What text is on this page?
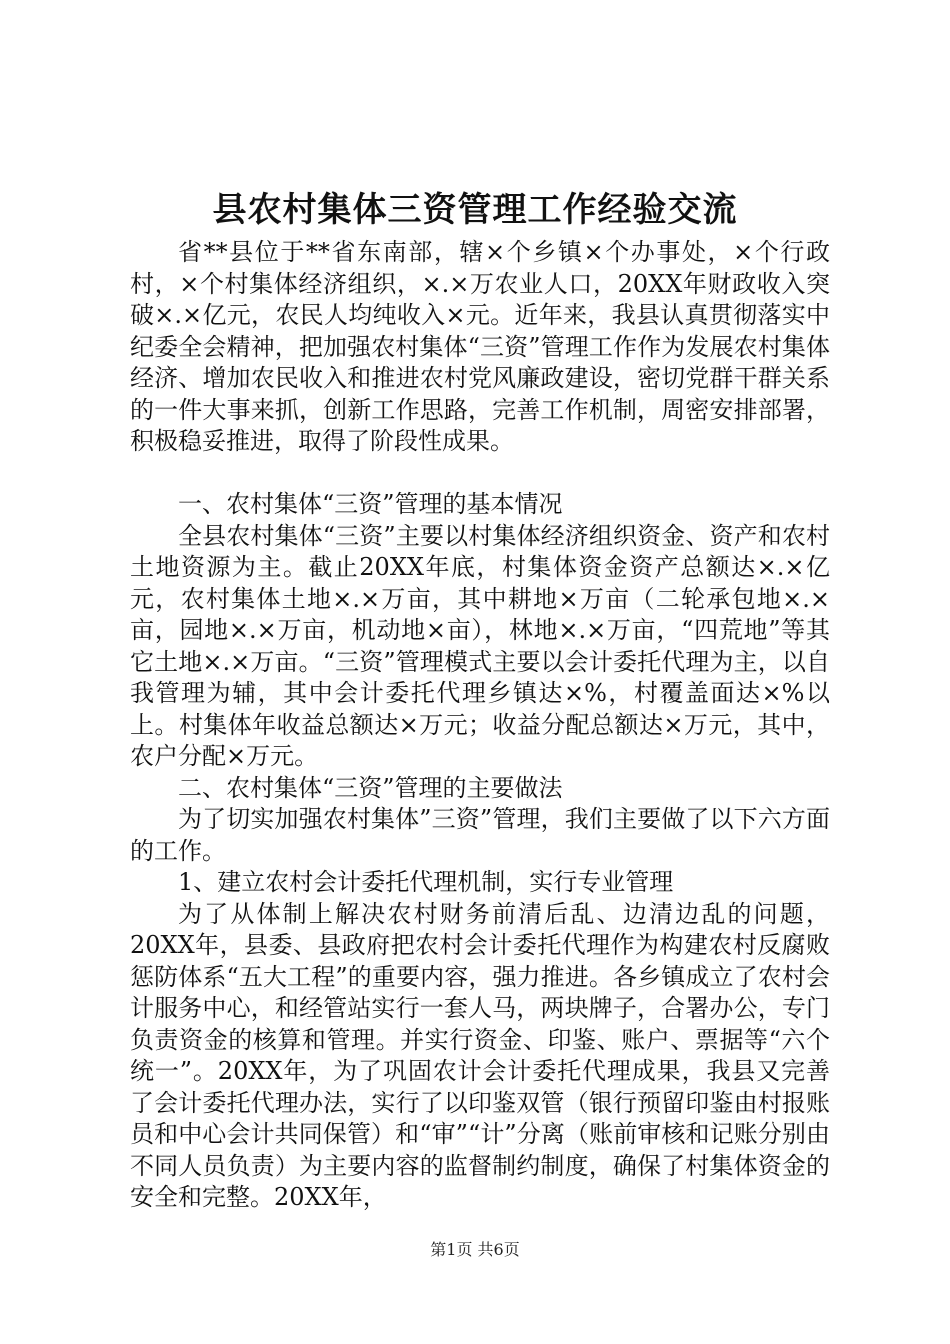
县农村集体三资管理工作经验交流

省**县位于**省东南部，辖×个乡镇×个办事处，×个行政村，×个村集体经济组织，×.×万农业人口，20XX年财政收入突破×.×亿元，农民人均纯收入×元。近年来，我县认真贯彻落实中纪委全会精神，把加强农村集体“三资”管理工作作为发展农村集体经济、增加农民收入和推进农村党风廉政建设，密切党群干群关系的一件大事来抓，创新工作思路，完善工作机制，周密安排部署，积极稳妥推进，取得了阶段性成果。

一、农村集体“三资”管理的基本情况

全县农村集体“三资”主要以村集体经济组织资金、资产和农村土地资源为主。截止20XX年底，村集体资金资产总额达×.×亿元，农村集体土地×.×万亩，其中耕地×万亩（二轮承包地×.×亩，园地×.×万亩，机动地×亩），林地×.×万亩，“四荒地”等其它土地×.×万亩。“三资”管理模式主要以会计委托代理为主，以自我管理为辅，其中会计委托代理乡镇达×%，村覆盖面达×%以上。村集体年收益总额达×万元；收益分配总额达×万元，其中，农户分配×万元。

二、农村集体“三资”管理的主要做法

为了切实加强农村集体”三资”管理，我们主要做了以下六方面的工作。

1、建立农村会计委托代理机制，实行专业管理

为了从体制上解决农村财务前清后乱、边清边乱的问题，20XX年，县委、县政府把农村会计委托代理作为构建农村反腐败惩防体系“五大工程”的重要内容，强力推进。各乡镇成立了农村会计服务中心，和经管站实行一套人马，两块牌子，合署办公，专门负责资金的核算和管理。并实行资金、印鉴、账户、票据等“六个统一”。20XX年，为了巩固农计会计委托代理成果，我县又完善了会计委托代理办法，实行了以印鉴双管（银行预留印鉴由村报账员和中心会计共同保管）和“审”“计”分离（账前审核和记账分别由不同人员负责）为主要内容的监督制约制度，确保了村集体资金的安全和完整。20XX年，

第1页 共6页
